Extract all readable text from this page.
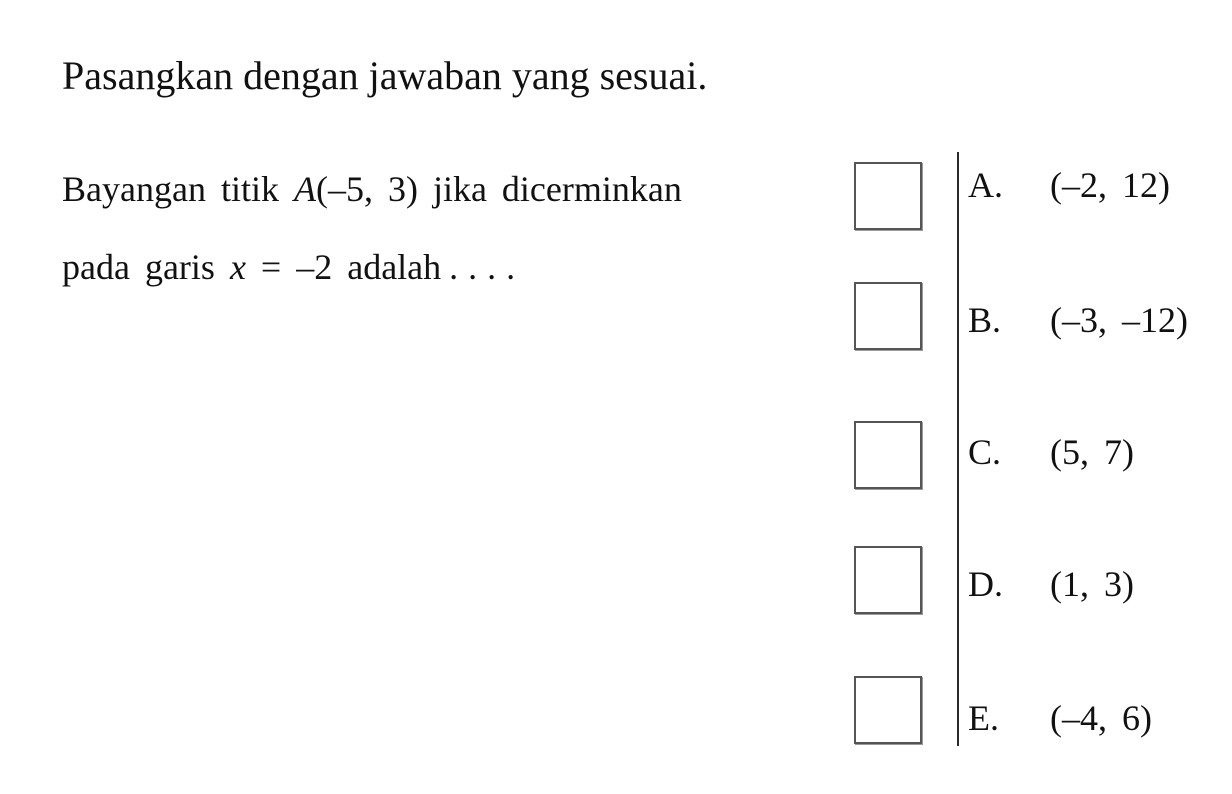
Pasangkan dengan jawaban yang sesuai.
Bayangan titik A(–5, 3) jika dicerminkan
pada garis x = –2 adalah ....
A. (–2, 12)
B. (–3, –12)
C. (5, 7)
D. (1, 3)
E. (–4, 6)
